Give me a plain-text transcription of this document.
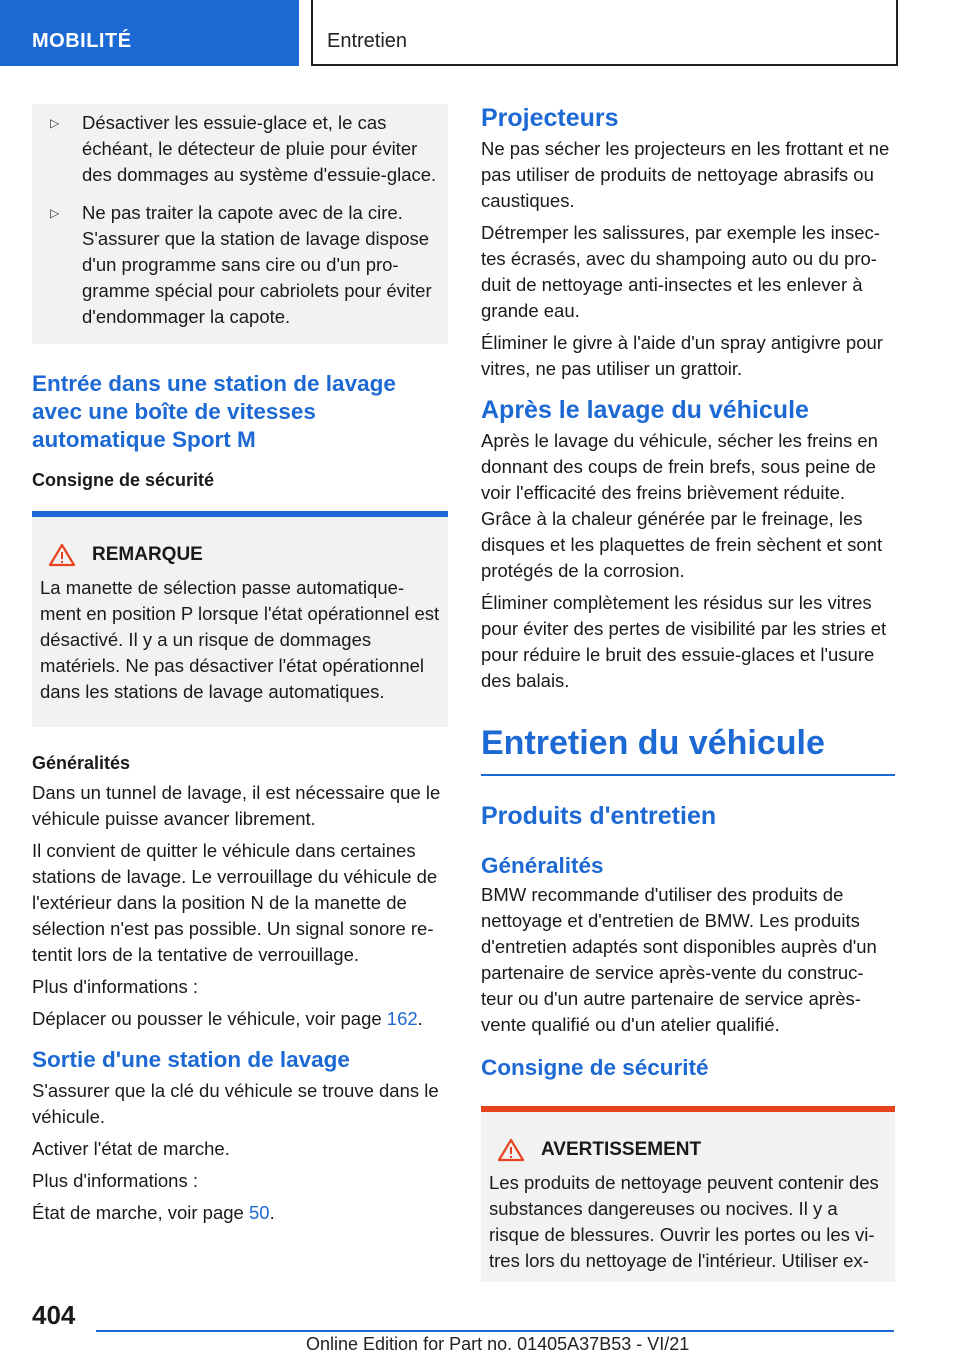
MOBILITÉ	Entretien
▷	Désactiver les essuie-glace et, le cas échéant, le détecteur de pluie pour éviter des dommages au système d'essuie-glace.

▷	Ne pas traiter la capote avec de la cire. S'assurer que la station de lavage dispose d'un programme sans cire ou d'un pro-gramme spécial pour cabriolets pour éviter d'endommager la capote.

Entrée dans une station de lavage avec une boîte de vitesses automatique Sport M
Consigne de sécurité
REMARQUE

La manette de sélection passe automatique-ment en position P lorsque l'état opérationnel est désactivé. Il y a un risque de dommages matériels. Ne pas désactiver l'état opérationnel dans les stations de lavage automatiques.

Généralités

Dans un tunnel de lavage, il est nécessaire que le véhicule puisse avancer librement.

Il convient de quitter le véhicule dans certaines stations de lavage. Le verrouillage du véhicule de l'extérieur dans la position N de la manette de sélection n'est pas possible. Un signal sonore re-tentit lors de la tentative de verrouillage.

Plus d'informations :

Déplacer ou pousser le véhicule, voir page 162.

Sortie d'une station de lavage

S'assurer que la clé du véhicule se trouve dans le véhicule.

Activer l'état de marche.

Plus d'informations :

État de marche, voir page 50.

Projecteurs

Ne pas sécher les projecteurs en les frottant et ne pas utiliser de produits de nettoyage abrasifs ou caustiques.

Détremper les salissures, par exemple les insec-tes écrasés, avec du shampoing auto ou du pro-duit de nettoyage anti-insectes et les enlever à grande eau.

Éliminer le givre à l'aide d'un spray antigivre pour vitres, ne pas utiliser un grattoir.

Après le lavage du véhicule

Après le lavage du véhicule, sécher les freins en donnant des coups de frein brefs, sous peine de voir l'efficacité des freins brièvement réduite. Grâce à la chaleur générée par le freinage, les disques et les plaquettes de frein sèchent et sont protégés de la corrosion.

Éliminer complètement les résidus sur les vitres pour éviter des pertes de visibilité par les stries et pour réduire le bruit des essuie-glaces et l'usure des balais.

Entretien du véhicule
Produits d'entretien
Généralités

BMW recommande d'utiliser des produits de nettoyage et d'entretien de BMW. Les produits d'entretien adaptés sont disponibles auprès d'un partenaire de service après-vente du construc-teur ou d'un autre partenaire de service après-vente qualifié ou d'un atelier qualifié.

Consigne de sécurité
AVERTISSEMENT

Les produits de nettoyage peuvent contenir des substances dangereuses ou nocives. Il y a risque de blessures. Ouvrir les portes ou les vi-tres lors du nettoyage de l'intérieur. Utiliser ex-

404
Online Edition for Part no. 01405A37B53 - VI/21
